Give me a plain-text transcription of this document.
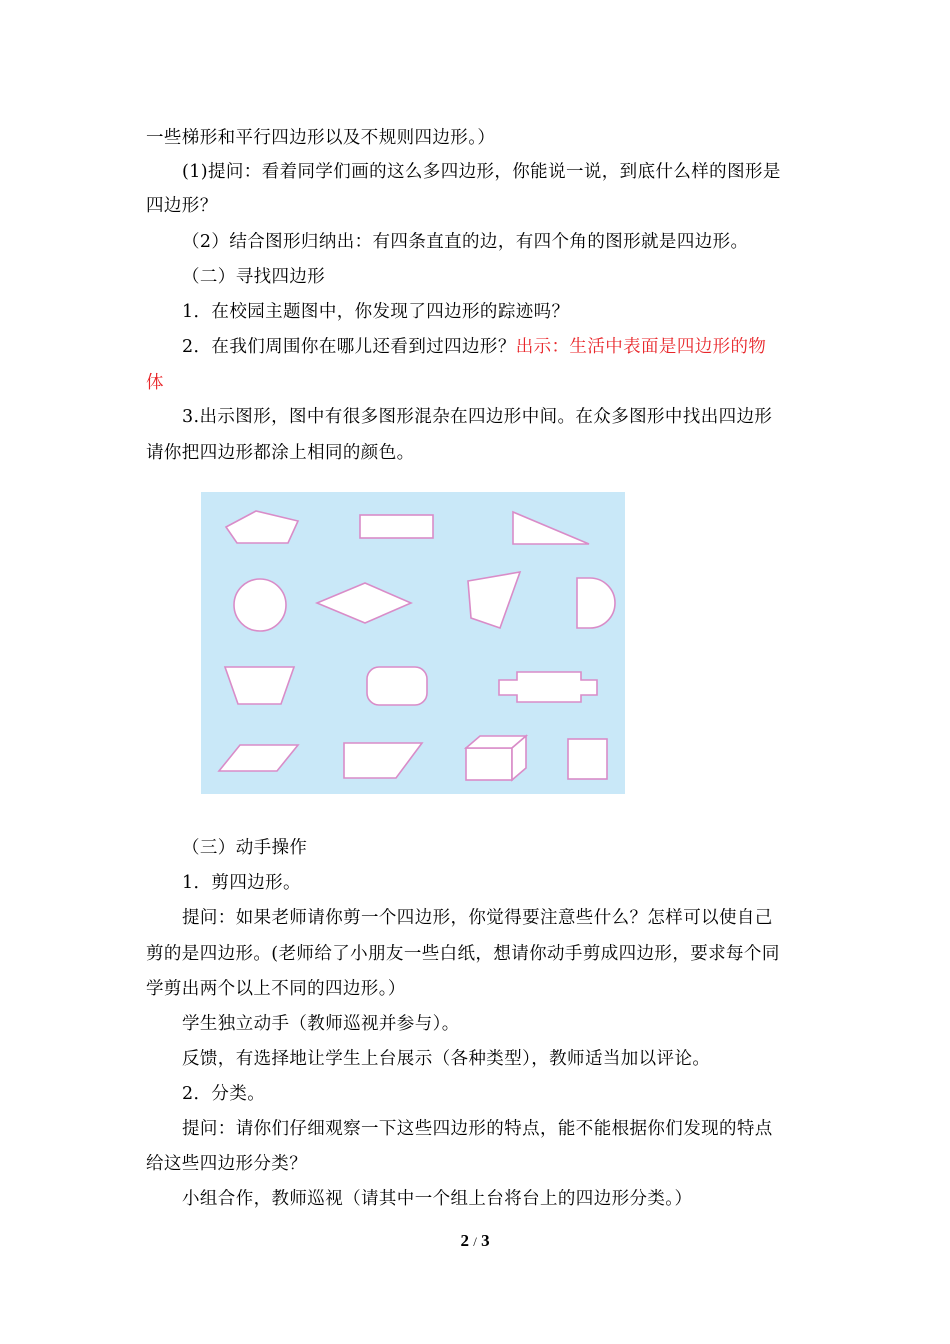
一些梯形和平行四边形以及不规则四边形。）
(1)提问：看着同学们画的这么多四边形，你能说一说，到底什么样的图形是
四边形？
（2）结合图形归纳出：有四条直直的边，有四个角的图形就是四边形。
（二）寻找四边形
1．在校园主题图中，你发现了四边形的踪迹吗？
2．在我们周围你在哪儿还看到过四边形？出示：生活中表面是四边形的物
体
3.出示图形，图中有很多图形混杂在四边形中间。在众多图形中找出四边形
请你把四边形都涂上相同的颜色。
（三）动手操作
1．剪四边形。
提问：如果老师请你剪一个四边形，你觉得要注意些什么？怎样可以使自己
剪的是四边形。(老师给了小朋友一些白纸，想请你动手剪成四边形，要求每个同
学剪出两个以上不同的四边形。）
学生独立动手（教师巡视并参与）。
反馈，有选择地让学生上台展示（各种类型），教师适当加以评论。
2．分类。
提问：请你们仔细观察一下这些四边形的特点，能不能根据你们发现的特点
给这些四边形分类？
小组合作，教师巡视（请其中一个组上台将台上的四边形分类。）
2 / 3
